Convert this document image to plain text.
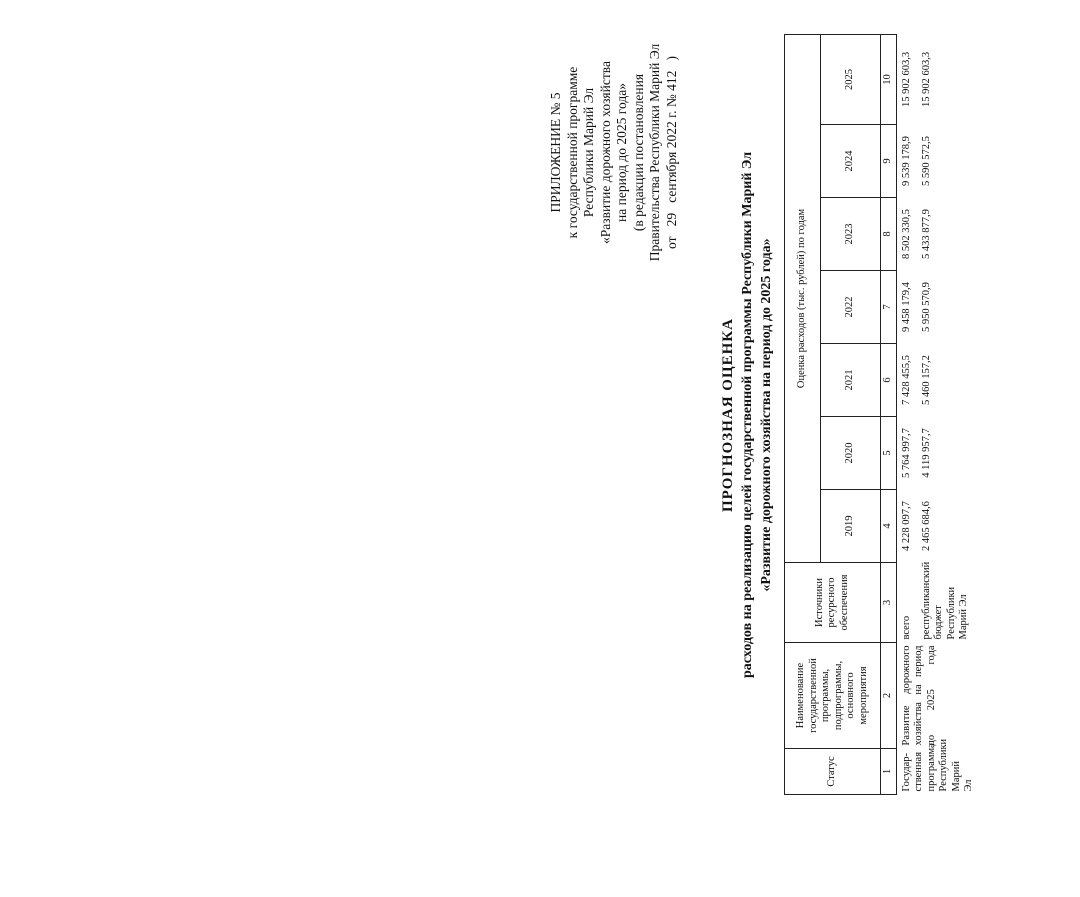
ПРИЛОЖЕНИЕ № 5 к государственной программе Республики Марий Эл «Развитие дорожного хозяйства на период до 2025 года» (в редакции постановления Правительства Республики Марий Эл от   29   сентября 2022 г. № 412   )
ПРОГНОЗНАЯ ОЦЕНКА расходов на реализацию целей государственной программы Республики Марий Эл «Развитие дорожного хозяйства на период до 2025 года»
Статус	Наименование государственной программы, подпрограммы, основного мероприятия	Источники ресурсного обеспечения	Оценка расходов (тыс. рублей) по годам						
			2019	2020	2021	2022	2023	2024	2025
1	2	3	4	5	6	7	8	9	10
Государ-ственная программа Республики Марий Эл	Развитие дорожного хозяйства на период до 2025 года	всего	4 228 097,7	5 764 997,7	7 428 455,5	9 458 179,4	8 502 330,5	9 539 178,9	15 902 603,3
		республиканский бюджет Республики Марий Эл	2 465 684,6	4 119 957,7	5 460 157,2	5 950 570,9	5 433 877,9	5 590 572,5	15 902 603,3
